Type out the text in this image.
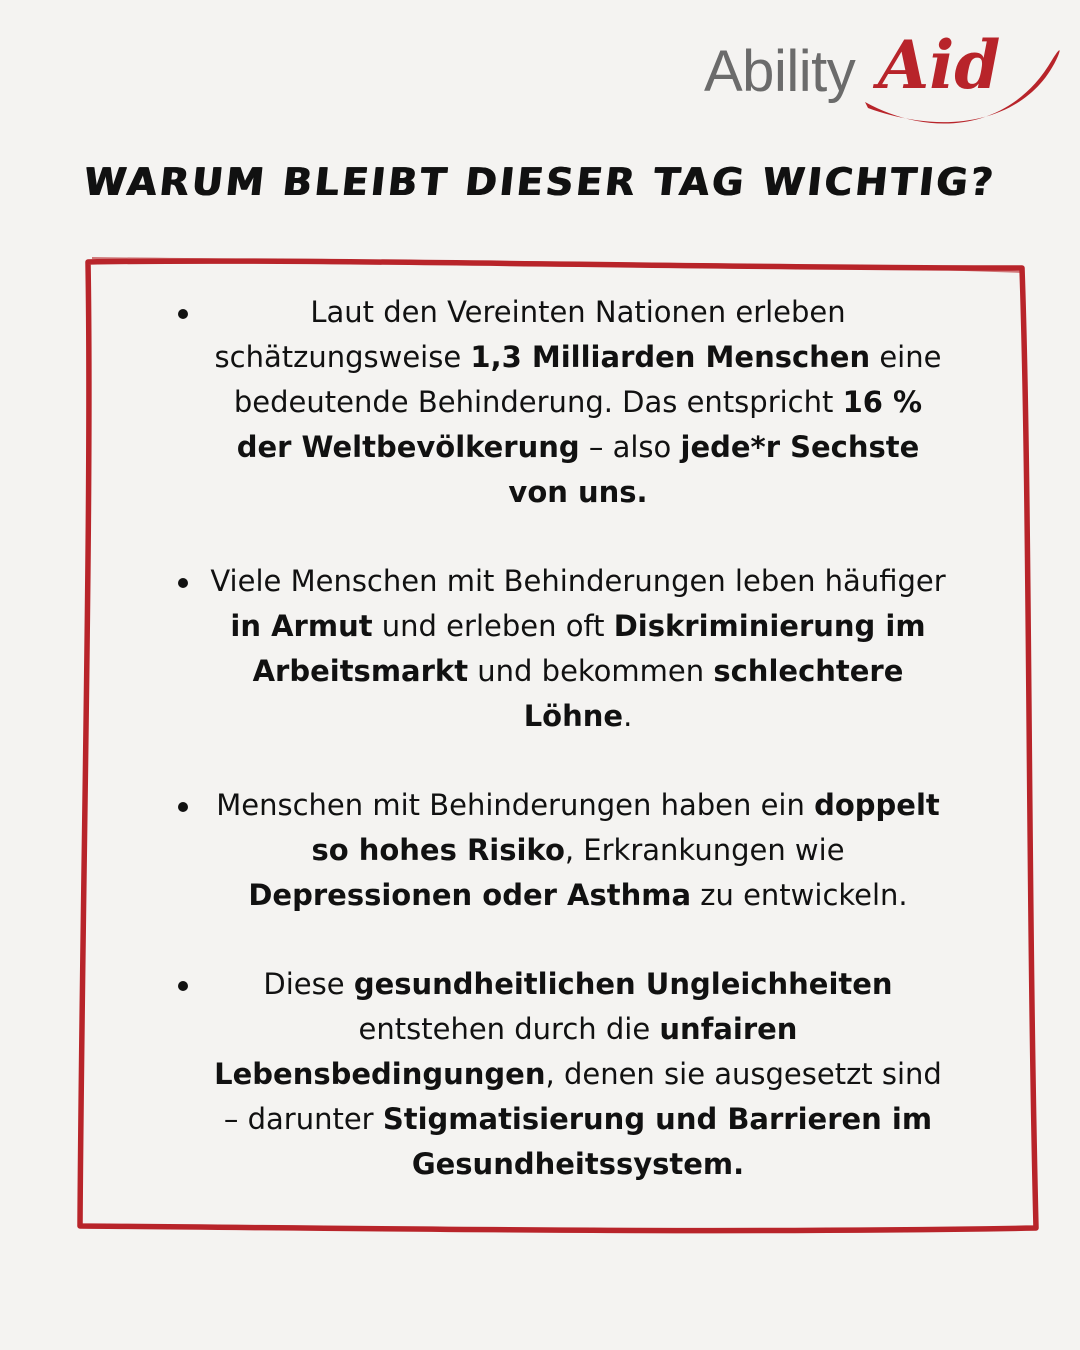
Ability Aid
WARUM BLEIBT DIESER TAG WICHTIG?
Laut den Vereinten Nationen erleben schätzungsweise 1,3 Milliarden Menschen eine bedeutende Behinderung. Das entspricht 16 % der Weltbevölkerung – also jede*r Sechste von uns.
Viele Menschen mit Behinderungen leben häufiger in Armut und erleben oft Diskriminierung im Arbeitsmarkt und bekommen schlechtere Löhne.
Menschen mit Behinderungen haben ein doppelt so hohes Risiko, Erkrankungen wie Depressionen oder Asthma zu entwickeln.
Diese gesundheitlichen Ungleichheiten entstehen durch die unfairen Lebensbedingungen, denen sie ausgesetzt sind – darunter Stigmatisierung und Barrieren im Gesundheitssystem.
